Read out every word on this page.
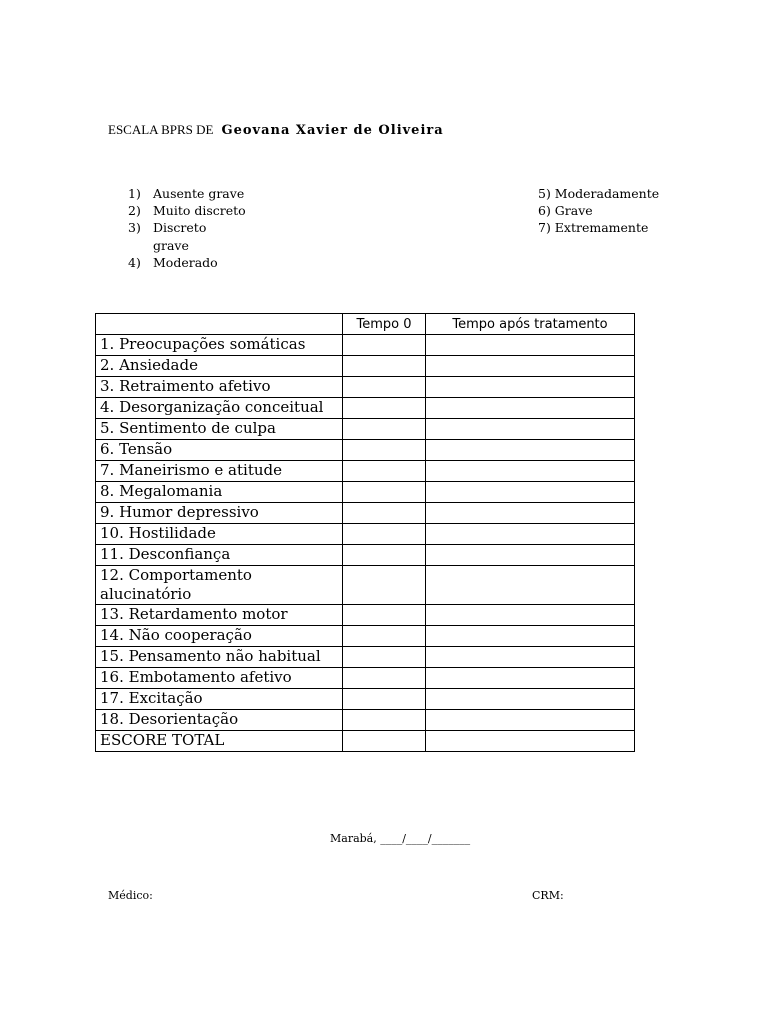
ESCALA BPRS DE Geovana Xavier de Oliveira
1) Ausente grave
2) Muito discreto
3) Discreto grave
4) Moderado
5) Moderadamente
6) Grave
7) Extremamente
	Tempo 0	Tempo após tratamento
1. Preocupações somáticas		
2. Ansiedade		
3. Retraimento afetivo		
4. Desorganização conceitual		
5. Sentimento de culpa		
6. Tensão		
7. Maneirismo e atitude		
8. Megalomania		
9. Humor depressivo		
10. Hostilidade		
11. Desconfiança		
12. Comportamento alucinatório		
13. Retardamento motor		
14. Não cooperação		
15. Pensamento não habitual		
16. Embotamento afetivo		
17. Excitação		
18. Desorientação		
ESCORE TOTAL		
Marabá, ____/____/_______
Médico:	CRM:
